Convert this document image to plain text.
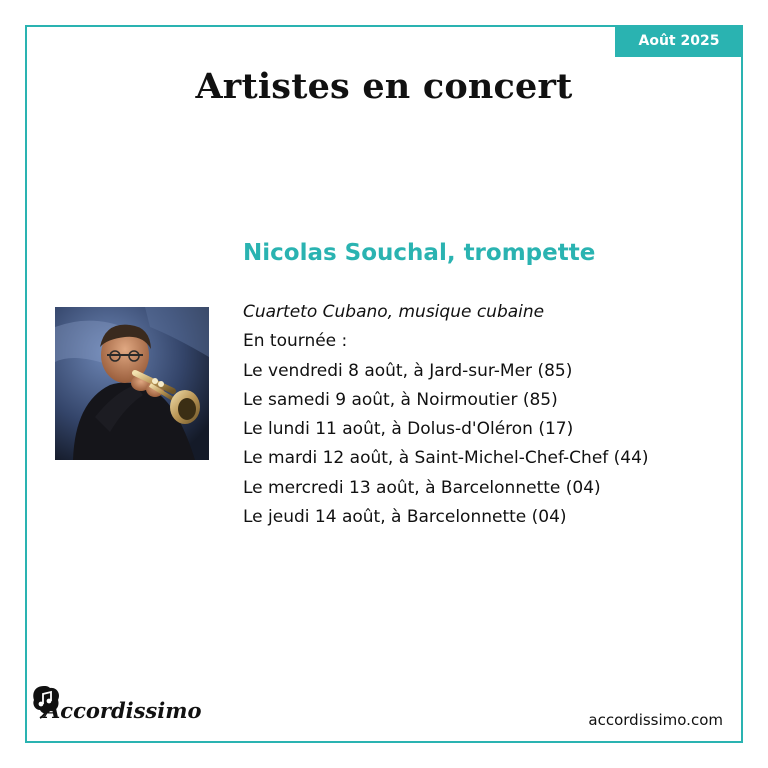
Août 2025
Artistes en concert
Nicolas Souchal, trompette
Cuarteto Cubano, musique cubaine
En tournée :
Le vendredi 8 août, à Jard-sur-Mer (85)
Le samedi 9 août, à Noirmoutier (85)
Le lundi 11 août, à Dolus-d'Oléron (17)
Le mardi 12 août, à Saint-Michel-Chef-Chef (44)
Le mercredi 13 août, à Barcelonnette (04)
Le jeudi 14 août, à Barcelonnette (04)
Accordissimo	accordissimo.com
